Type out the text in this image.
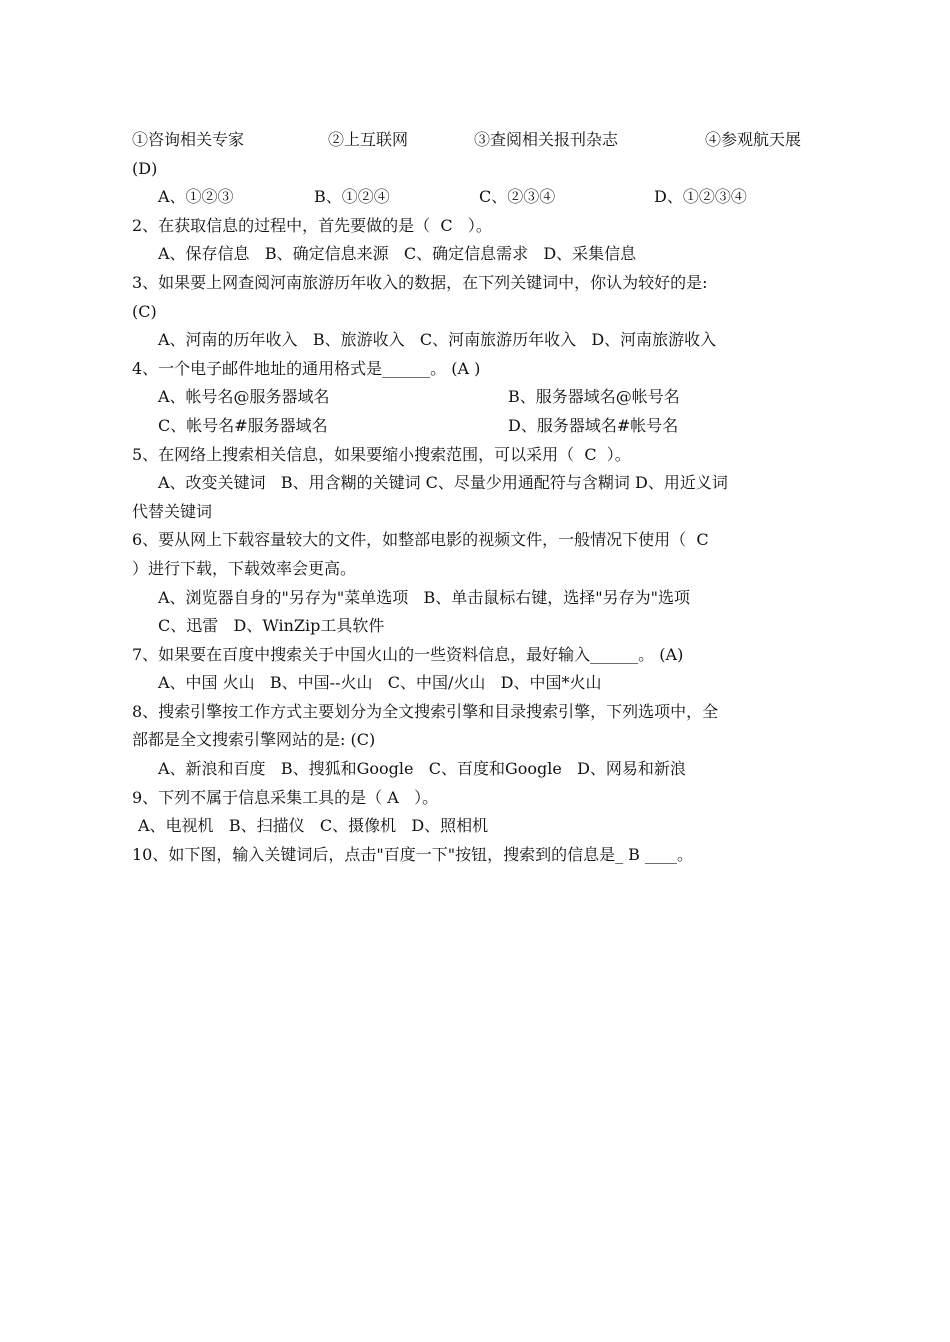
①咨询相关专家	②上互联网	③查阅相关报刊杂志	④参观航天展
(D)
A、①②③	B、①②④	C、②③④	D、①②③④
2、在获取信息的过程中，首先要做的是（  C   ）。
A、保存信息   B、确定信息来源   C、确定信息需求   D、采集信息
3、如果要上网查阅河南旅游历年收入的数据，在下列关键词中，你认为较好的是:
(C)
A、河南的历年收入   B、旅游收入   C、河南旅游历年收入   D、河南旅游收入
4、一个电子邮件地址的通用格式是______。 (A )
A、帐号名@服务器域名	B、服务器域名@帐号名
C、帐号名#服务器域名	D、服务器域名#帐号名
5、在网络上搜索相关信息，如果要缩小搜索范围，可以采用（  C  ）。
A、改变关键词   B、用含糊的关键词 C、尽量少用通配符与含糊词 D、用近义词
代替关键词
6、要从网上下载容量较大的文件，如整部电影的视频文件，一般情况下使用（  C
）进行下载，下载效率会更高。
A、浏览器自身的"另存为"菜单选项   B、单击鼠标右键，选择"另存为"选项
C、迅雷   D、WinZip工具软件
7、如果要在百度中搜索关于中国火山的一些资料信息，最好输入______。 (A)
A、中国 火山   B、中国--火山   C、中国/火山   D、中国*火山
8、搜索引擎按工作方式主要划分为全文搜索引擎和目录搜索引擎，下列选项中，全
部都是全文搜索引擎网站的是: (C)
A、新浪和百度   B、搜狐和Google   C、百度和Google   D、网易和新浪
9、下列不属于信息采集工具的是（ A   ）。
A、电视机   B、扫描仪   C、摄像机   D、照相机
10、如下图，输入关键词后，点击"百度一下"按钮，搜索到的信息是_ B ____。
